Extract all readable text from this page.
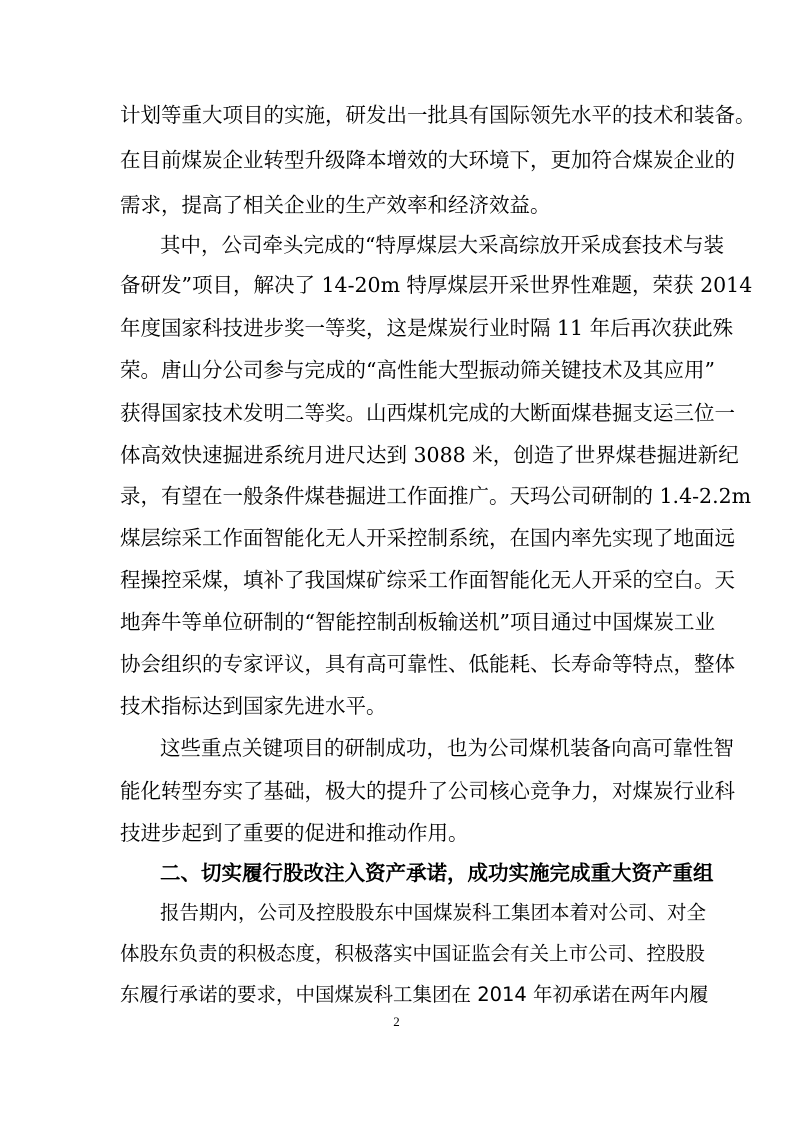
计划等重大项目的实施，研发出一批具有国际领先水平的技术和装备。
在目前煤炭企业转型升级降本增效的大环境下，更加符合煤炭企业的
需求，提高了相关企业的生产效率和经济效益。
其中，公司牵头完成的“特厚煤层大采高综放开采成套技术与装
备研发”项目，解决了 14-20m 特厚煤层开采世界性难题，荣获 2014
年度国家科技进步奖一等奖，这是煤炭行业时隔 11 年后再次获此殊
荣。唐山分公司参与完成的“高性能大型振动筛关键技术及其应用”
获得国家技术发明二等奖。山西煤机完成的大断面煤巷掘支运三位一
体高效快速掘进系统月进尺达到 3088 米，创造了世界煤巷掘进新纪
录，有望在一般条件煤巷掘进工作面推广。天玛公司研制的 1.4-2.2m
煤层综采工作面智能化无人开采控制系统，在国内率先实现了地面远
程操控采煤，填补了我国煤矿综采工作面智能化无人开采的空白。天
地奔牛等单位研制的“智能控制刮板输送机”项目通过中国煤炭工业
协会组织的专家评议，具有高可靠性、低能耗、长寿命等特点，整体
技术指标达到国家先进水平。
这些重点关键项目的研制成功，也为公司煤机装备向高可靠性智
能化转型夯实了基础，极大的提升了公司核心竞争力，对煤炭行业科
技进步起到了重要的促进和推动作用。
二、切实履行股改注入资产承诺，成功实施完成重大资产重组
报告期内，公司及控股股东中国煤炭科工集团本着对公司、对全
体股东负责的积极态度，积极落实中国证监会有关上市公司、控股股
东履行承诺的要求，中国煤炭科工集团在 2014 年初承诺在两年内履
2
